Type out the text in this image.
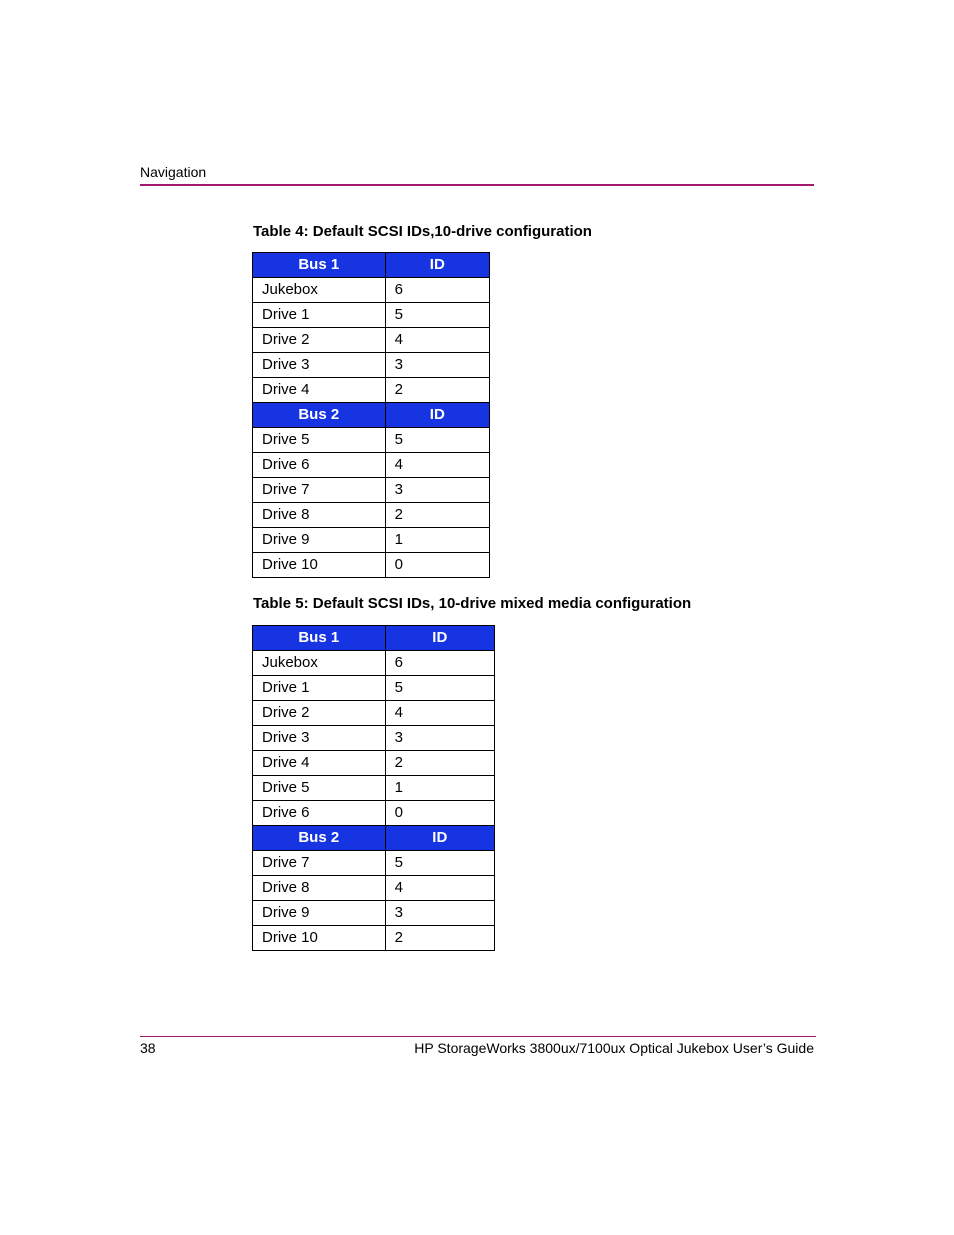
Navigation
Table 4: Default SCSI IDs,10-drive configuration
Bus 1	ID
Jukebox	6
Drive 1	5
Drive 2	4
Drive 3	3
Drive 4	2
Bus 2	ID
Drive 5	5
Drive 6	4
Drive 7	3
Drive 8	2
Drive 9	1
Drive 10	0
Table 5: Default SCSI IDs, 10-drive mixed media configuration
Bus 1	ID
Jukebox	6
Drive 1	5
Drive 2	4
Drive 3	3
Drive 4	2
Drive 5	1
Drive 6	0
Bus 2	ID
Drive 7	5
Drive 8	4
Drive 9	3
Drive 10	2
38	HP StorageWorks 3800ux/7100ux Optical Jukebox User’s Guide
